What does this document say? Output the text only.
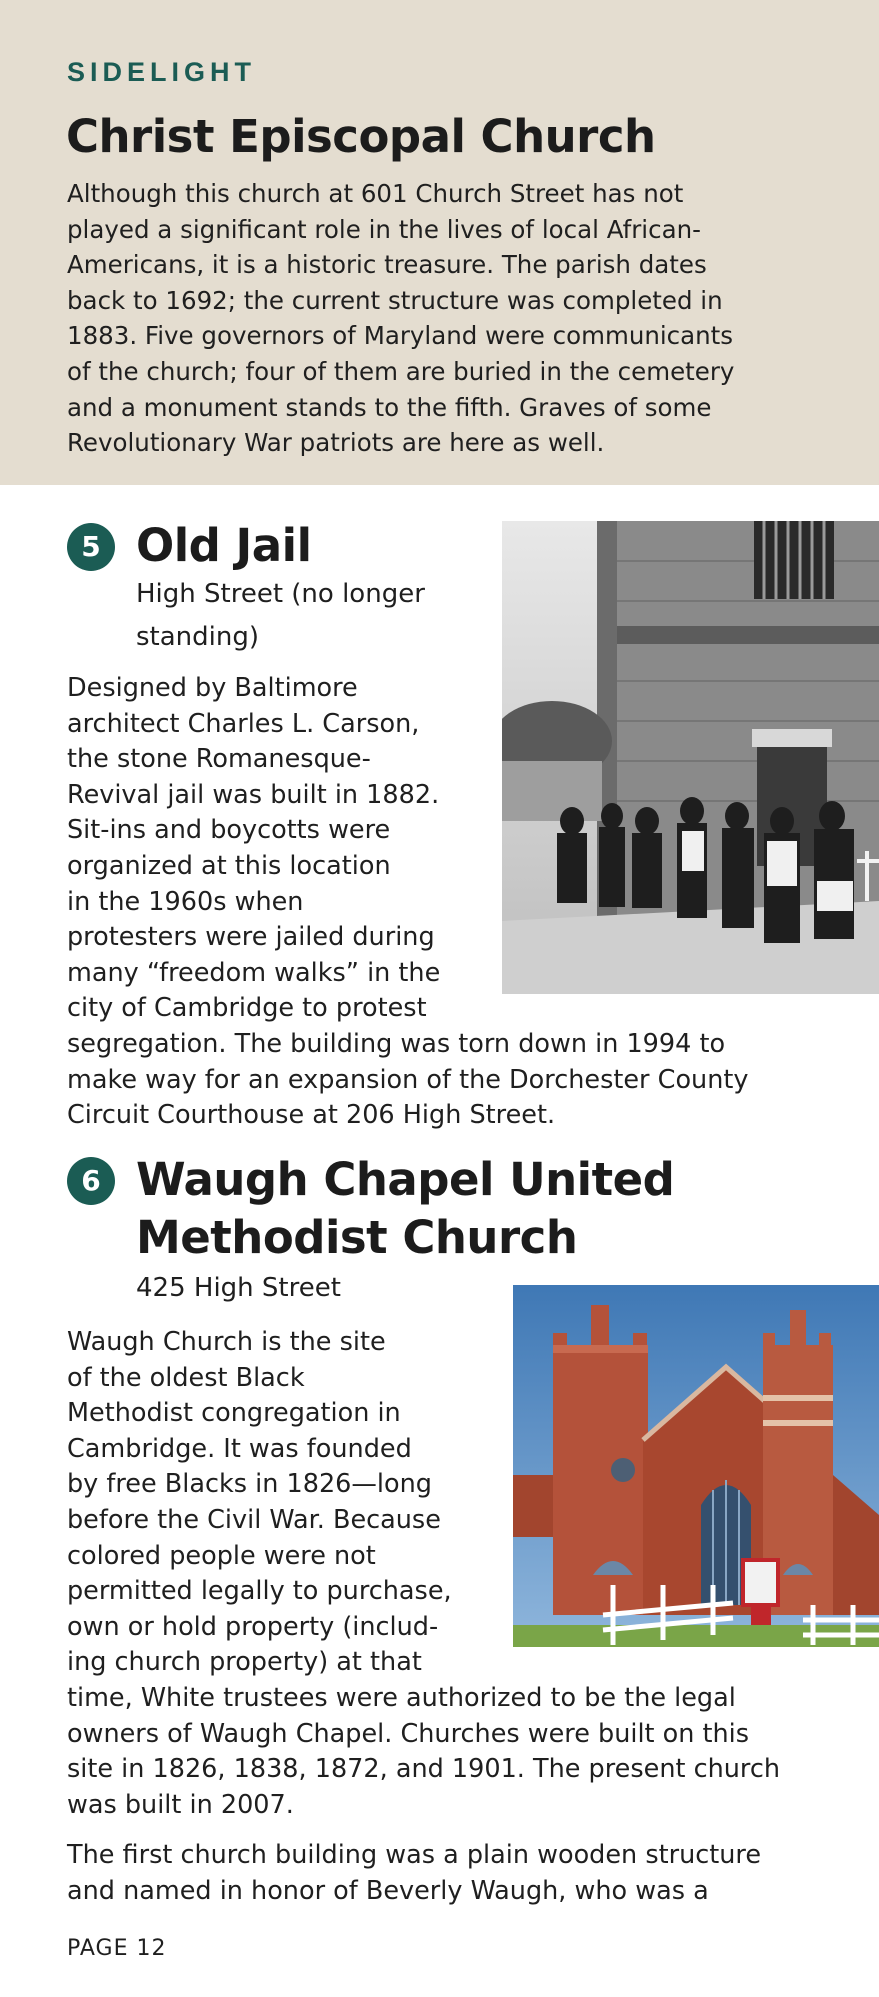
SIDELIGHT
Christ Episcopal Church
Although this church at 601 Church Street has not
played a significant role in the lives of local African-
Americans, it is a historic treasure. The parish dates
back to 1692; the current structure was completed in
1883. Five governors of Maryland were communicants
of the church; four of them are buried in the cemetery
and a monument stands to the fifth. Graves of some
Revolutionary War patriots are here as well.
5 Old Jail
High Street (no longer
standing)
Designed by Baltimore
architect Charles L. Carson,
the stone Romanesque-
Revival jail was built in 1882.
Sit-ins and boycotts were
organized at this location
in the 1960s when
protesters were jailed during
many “freedom walks” in the
city of Cambridge to protest
segregation. The building was torn down in 1994 to
make way for an expansion of the Dorchester County
Circuit Courthouse at 206 High Street.
6 Waugh Chapel United
Methodist Church
425 High Street
Waugh Church is the site
of the oldest Black
Methodist congregation in
Cambridge. It was founded
by free Blacks in 1826—long
before the Civil War. Because
colored people were not
permitted legally to purchase,
own or hold property (includ-
ing church property) at that
time, White trustees were authorized to be the legal
owners of Waugh Chapel. Churches were built on this
site in 1826, 1838, 1872, and 1901. The present church
was built in 2007.
The first church building was a plain wooden structure
and named in honor of Beverly Waugh, who was a
PAGE 12
